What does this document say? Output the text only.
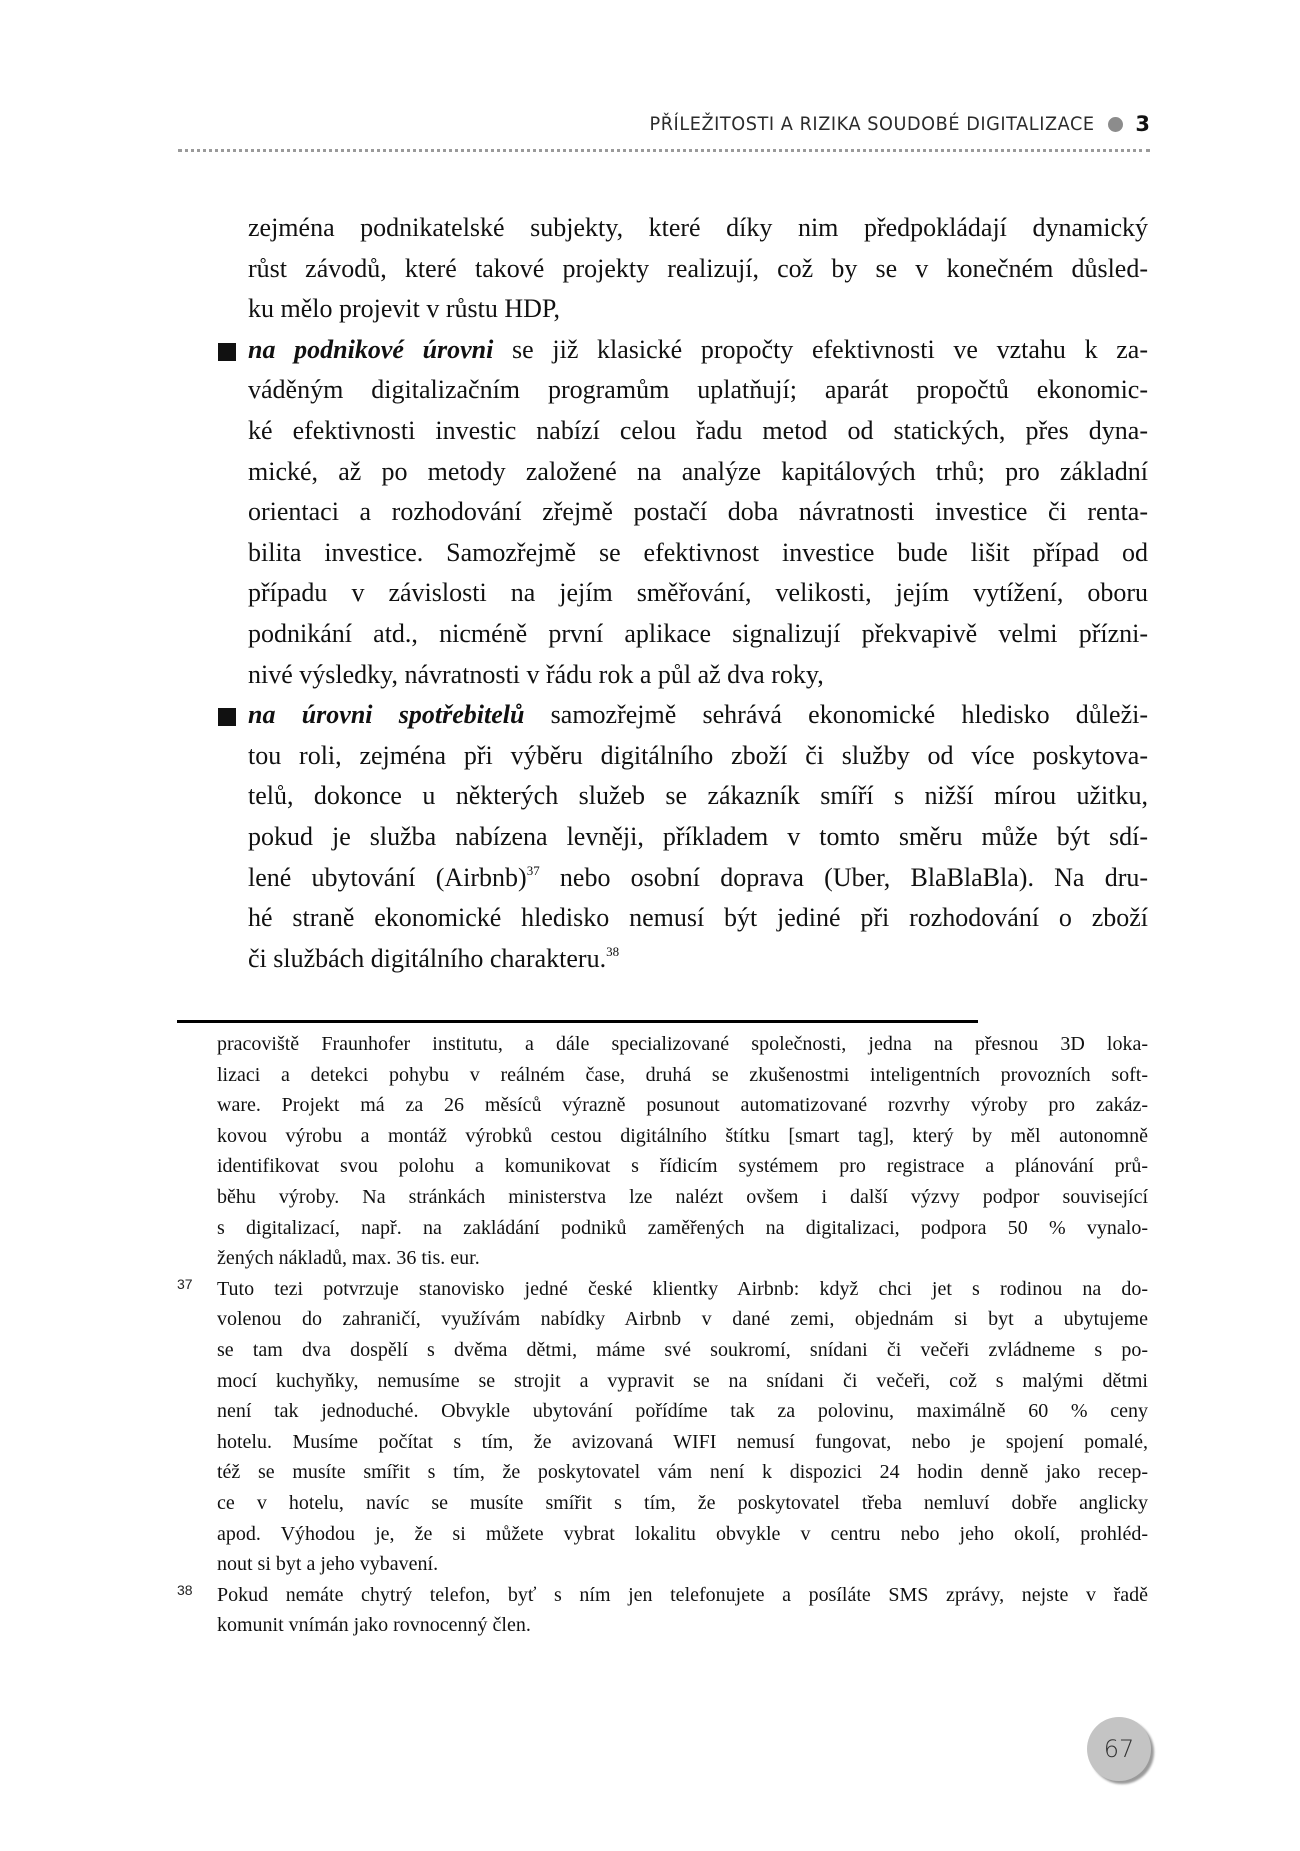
PŘÍLEŽITOSTI A RIZIKA SOUDOBÉ DIGITALIZACE 3
zejména podnikatelské subjekty, které díky nim předpokládají dynamický
růst závodů, které takové projekty realizují, což by se v konečném důsled-
ku mělo projevit v růstu HDP,
na podnikové úrovni se již klasické propočty efektivnosti ve vztahu k za-
váděným digitalizačním programům uplatňují; aparát propočtů ekonomic-
ké efektivnosti investic nabízí celou řadu metod od statických, přes dyna-
mické, až po metody založené na analýze kapitálových trhů; pro základní
orientaci a rozhodování zřejmě postačí doba návratnosti investice či renta-
bilita investice. Samozřejmě se efektivnost investice bude lišit případ od
případu v závislosti na jejím směřování, velikosti, jejím vytížení, oboru
podnikání atd., nicméně první aplikace signalizují překvapivě velmi přízni-
nivé výsledky, návratnosti v řádu rok a půl až dva roky,
na úrovni spotřebitelů samozřejmě sehrává ekonomické hledisko důleži-
tou roli, zejména při výběru digitálního zboží či služby od více poskytova-
telů, dokonce u některých služeb se zákazník smíří s nižší mírou užitku,
pokud je služba nabízena levněji, příkladem v tomto směru může být sdí-
lené ubytování (Airbnb)$^{37}$ nebo osobní doprava (Uber, BlaBlaBla). Na dru-
hé straně ekonomické hledisko nemusí být jediné při rozhodování o zboží
či službách digitálního charakteru.$^{38}$
pracoviště Fraunhofer institutu, a dále specializované společnosti, jedna na přesnou 3D loka-
lizaci a detekci pohybu v reálném čase, druhá se zkušenostmi inteligentních provozních soft-
ware. Projekt má za 26 měsíců výrazně posunout automatizované rozvrhy výroby pro zakáz-
kovou výrobu a montáž výrobků cestou digitálního štítku [smart tag], který by měl autonomně
identifikovat svou polohu a komunikovat s řídicím systémem pro registrace a plánování prů-
běhu výroby. Na stránkách ministerstva lze nalézt ovšem i další výzvy podpor související
s digitalizací, např. na zakládání podniků zaměřených na digitalizaci, podpora 50 % vynalo-
žených nákladů, max. 36 tis. eur.
37 Tuto tezi potvrzuje stanovisko jedné české klientky Airbnb: když chci jet s rodinou na do-
volenou do zahraničí, využívám nabídky Airbnb v dané zemi, objednám si byt a ubytujeme
se tam dva dospělí s dvěma dětmi, máme své soukromí, snídani či večeři zvládneme s po-
mocí kuchyňky, nemusíme se strojit a vypravit se na snídani či večeři, což s malými dětmi
není tak jednoduché. Obvykle ubytování pořídíme tak za polovinu, maximálně 60 % ceny
hotelu. Musíme počítat s tím, že avizovaná WIFI nemusí fungovat, nebo je spojení pomalé,
též se musíte smířit s tím, že poskytovatel vám není k dispozici 24 hodin denně jako recep-
ce v hotelu, navíc se musíte smířit s tím, že poskytovatel třeba nemluví dobře anglicky
apod. Výhodou je, že si můžete vybrat lokalitu obvykle v centru nebo jeho okolí, prohléd-
nout si byt a jeho vybavení.
38 Pokud nemáte chytrý telefon, byť s ním jen telefonujete a posíláte SMS zprávy, nejste v řadě
komunit vnímán jako rovnocenný člen.
67
